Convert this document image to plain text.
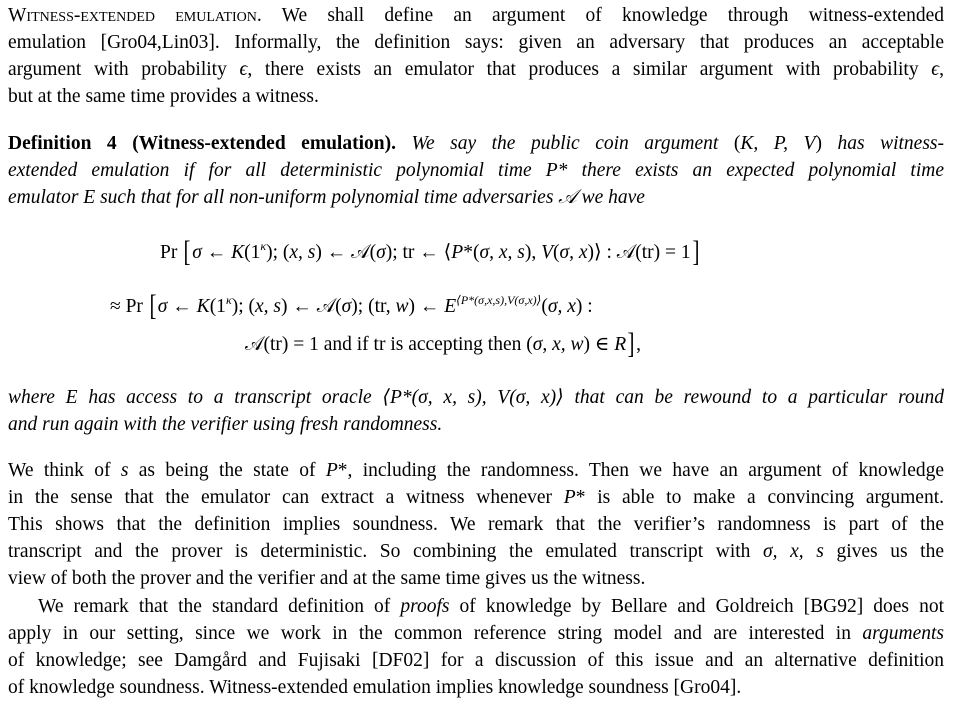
Witness-extended emulation. We shall define an argument of knowledge through witness-extended
emulation [Gro04,Lin03]. Informally, the definition says: given an adversary that produces an acceptable
argument with probability ϵ, there exists an emulator that produces a similar argument with probability ϵ,
but at the same time provides a witness.
Definition 4 (Witness-extended emulation). We say the public coin argument (K, P, V) has witness-
extended emulation if for all deterministic polynomial time P* there exists an expected polynomial time
emulator E such that for all non-uniform polynomial time adversaries 𝒜 we have
Pr [σ ← $K(1^\kappa)$; (x, s) ← 𝒜(σ); tr ← ⟨P*(σ, x, s), V(σ, x)⟩ : 𝒜(tr) = 1]
≈ Pr [σ ← $K(1^\kappa)$; (x, s) ← 𝒜(σ); (tr, w) ← $E^{⟨P*(\sigma,x,s),V(\sigma,x)⟩}(\sigma$, x) :
𝒜(tr) = 1 and if tr is accepting then (σ, x, w) ∈ R],
where E has access to a transcript oracle ⟨P*(σ, x, s), V(σ, x)⟩ that can be rewound to a particular round
and run again with the verifier using fresh randomness.
We think of s as being the state of P*, including the randomness. Then we have an argument of knowledge
in the sense that the emulator can extract a witness whenever P* is able to make a convincing argument.
This shows that the definition implies soundness. We remark that the verifier’s randomness is part of the
transcript and the prover is deterministic. So combining the emulated transcript with σ, x, s gives us the
view of both the prover and the verifier and at the same time gives us the witness.
We remark that the standard definition of proofs of knowledge by Bellare and Goldreich [BG92] does not
apply in our setting, since we work in the common reference string model and are interested in arguments
of knowledge; see Damgård and Fujisaki [DF02] for a discussion of this issue and an alternative definition
of knowledge soundness. Witness-extended emulation implies knowledge soundness [Gro04].
